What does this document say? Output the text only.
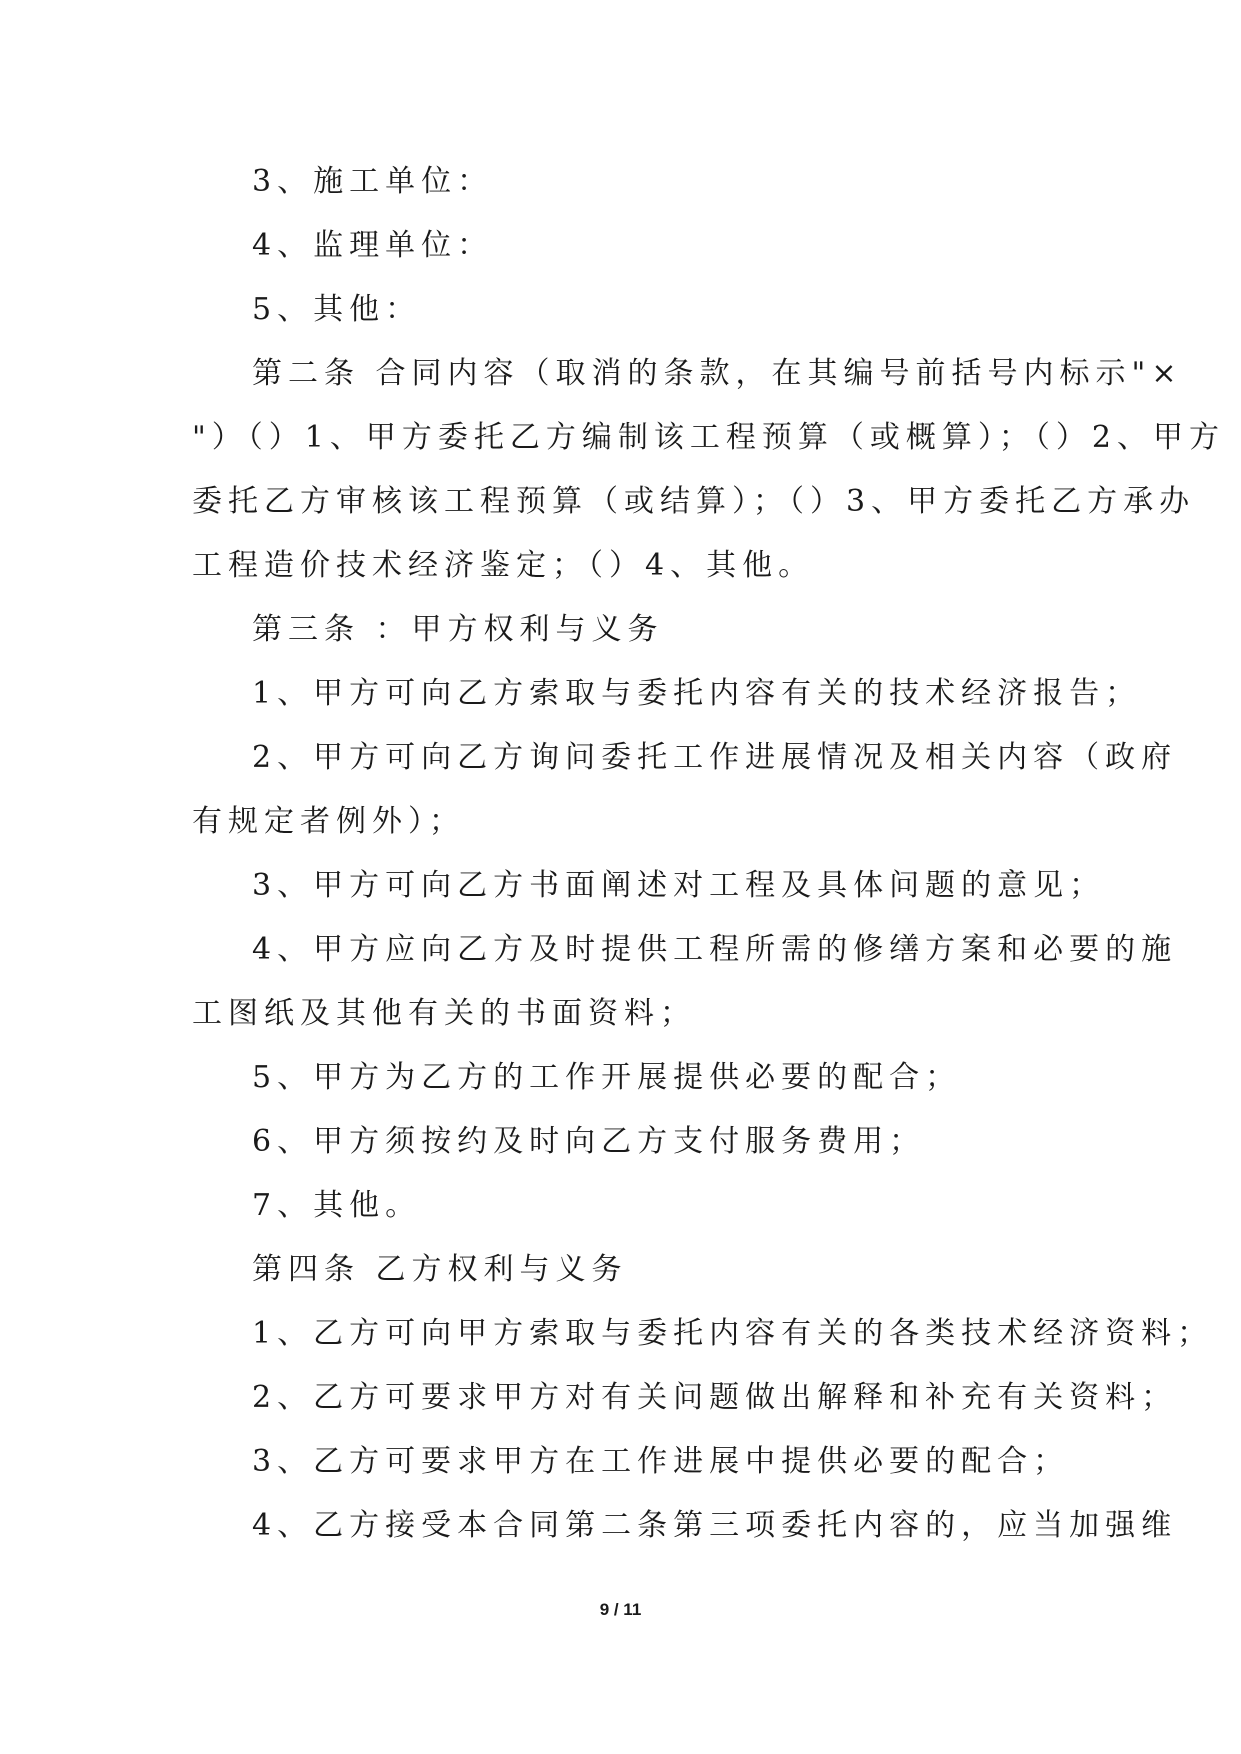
3、施工单位：
4、监理单位：
5、其他：
第二条 合同内容（取消的条款，在其编号前括号内标示"×
"）（）1、甲方委托乙方编制该工程预算（或概算）；（）2、甲方
委托乙方审核该工程预算（或结算）；（）3、甲方委托乙方承办
工程造价技术经济鉴定；（）4、其他。
第三条 ：甲方权利与义务
1、甲方可向乙方索取与委托内容有关的技术经济报告；
2、甲方可向乙方询问委托工作进展情况及相关内容（政府
有规定者例外）；
3、甲方可向乙方书面阐述对工程及具体问题的意见；
4、甲方应向乙方及时提供工程所需的修缮方案和必要的施
工图纸及其他有关的书面资料；
5、甲方为乙方的工作开展提供必要的配合；
6、甲方须按约及时向乙方支付服务费用；
7、其他。
第四条 乙方权利与义务
1、乙方可向甲方索取与委托内容有关的各类技术经济资料；
2、乙方可要求甲方对有关问题做出解释和补充有关资料；
3、乙方可要求甲方在工作进展中提供必要的配合；
4、乙方接受本合同第二条第三项委托内容的，应当加强维
9 / 11
